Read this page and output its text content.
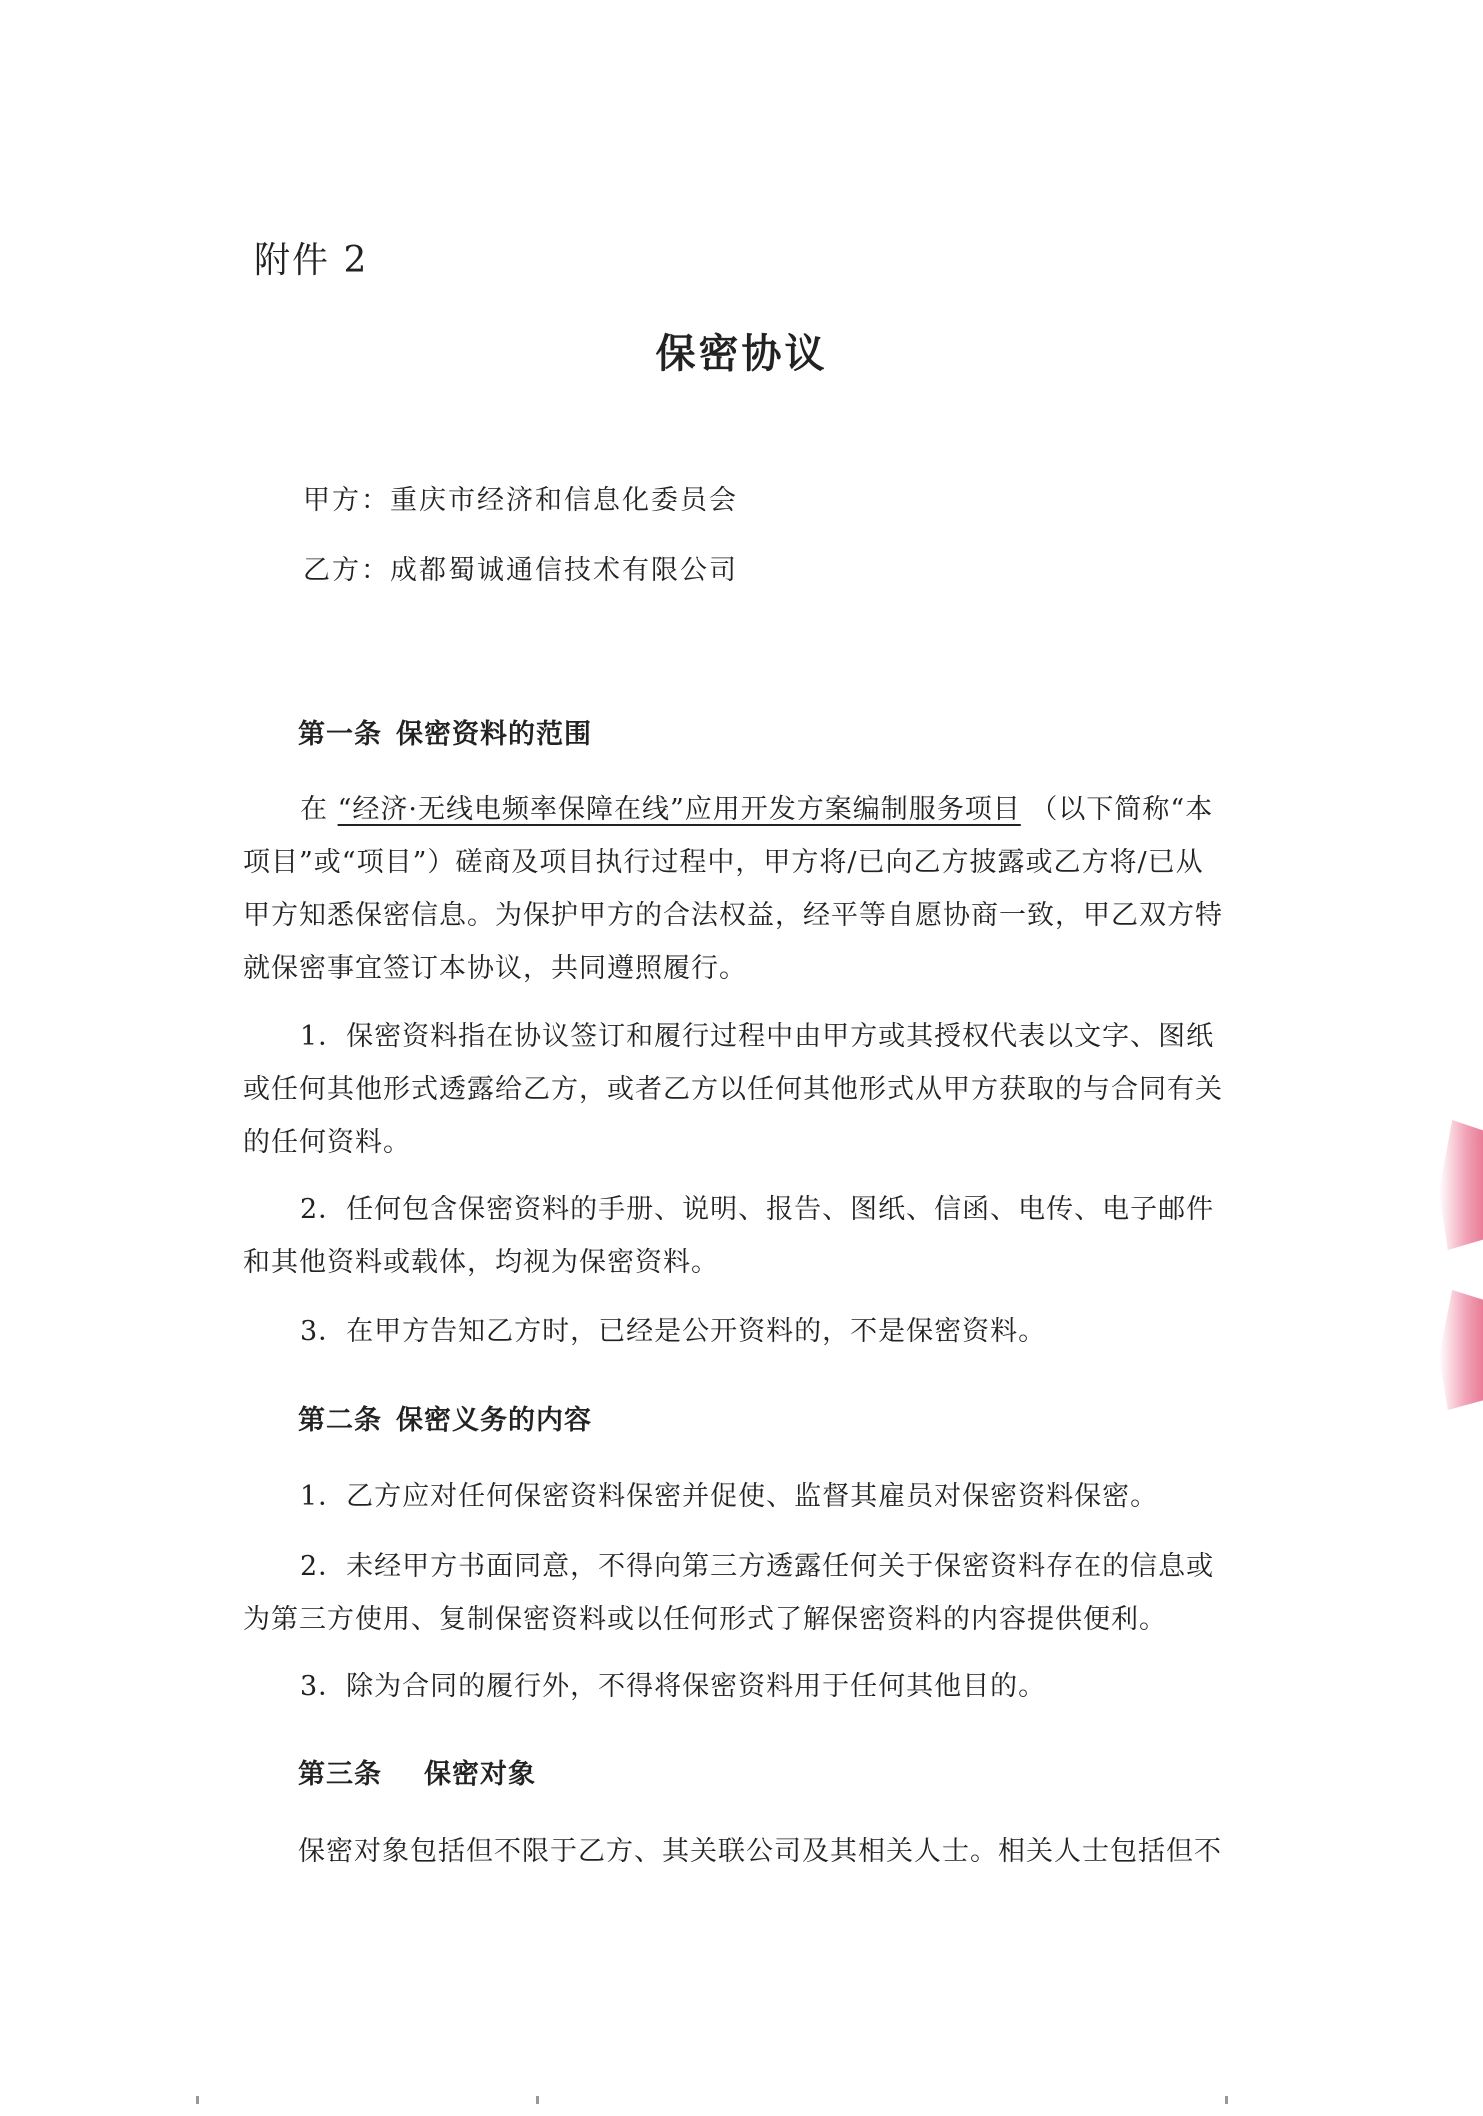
附件 2
保密协议
甲方：重庆市经济和信息化委员会
乙方：成都蜀诚通信技术有限公司
第一条 保密资料的范围
在 “经济·无线电频率保障在线”应用开发方案编制服务项目 （以下简称“本项目”或“项目”）磋商及项目执行过程中，甲方将/已向乙方披露或乙方将/已从甲方知悉保密信息。为保护甲方的合法权益，经平等自愿协商一致，甲乙双方特就保密事宜签订本协议，共同遵照履行。
1．保密资料指在协议签订和履行过程中由甲方或其授权代表以文字、图纸或任何其他形式透露给乙方，或者乙方以任何其他形式从甲方获取的与合同有关的任何资料。
2．任何包含保密资料的手册、说明、报告、图纸、信函、电传、电子邮件和其他资料或载体，均视为保密资料。
3．在甲方告知乙方时，已经是公开资料的，不是保密资料。
第二条 保密义务的内容
1．乙方应对任何保密资料保密并促使、监督其雇员对保密资料保密。
2．未经甲方书面同意，不得向第三方透露任何关于保密资料存在的信息或为第三方使用、复制保密资料或以任何形式了解保密资料的内容提供便利。
3．除为合同的履行外，不得将保密资料用于任何其他目的。
第三条 保密对象
保密对象包括但不限于乙方、其关联公司及其相关人士。相关人士包括但不
